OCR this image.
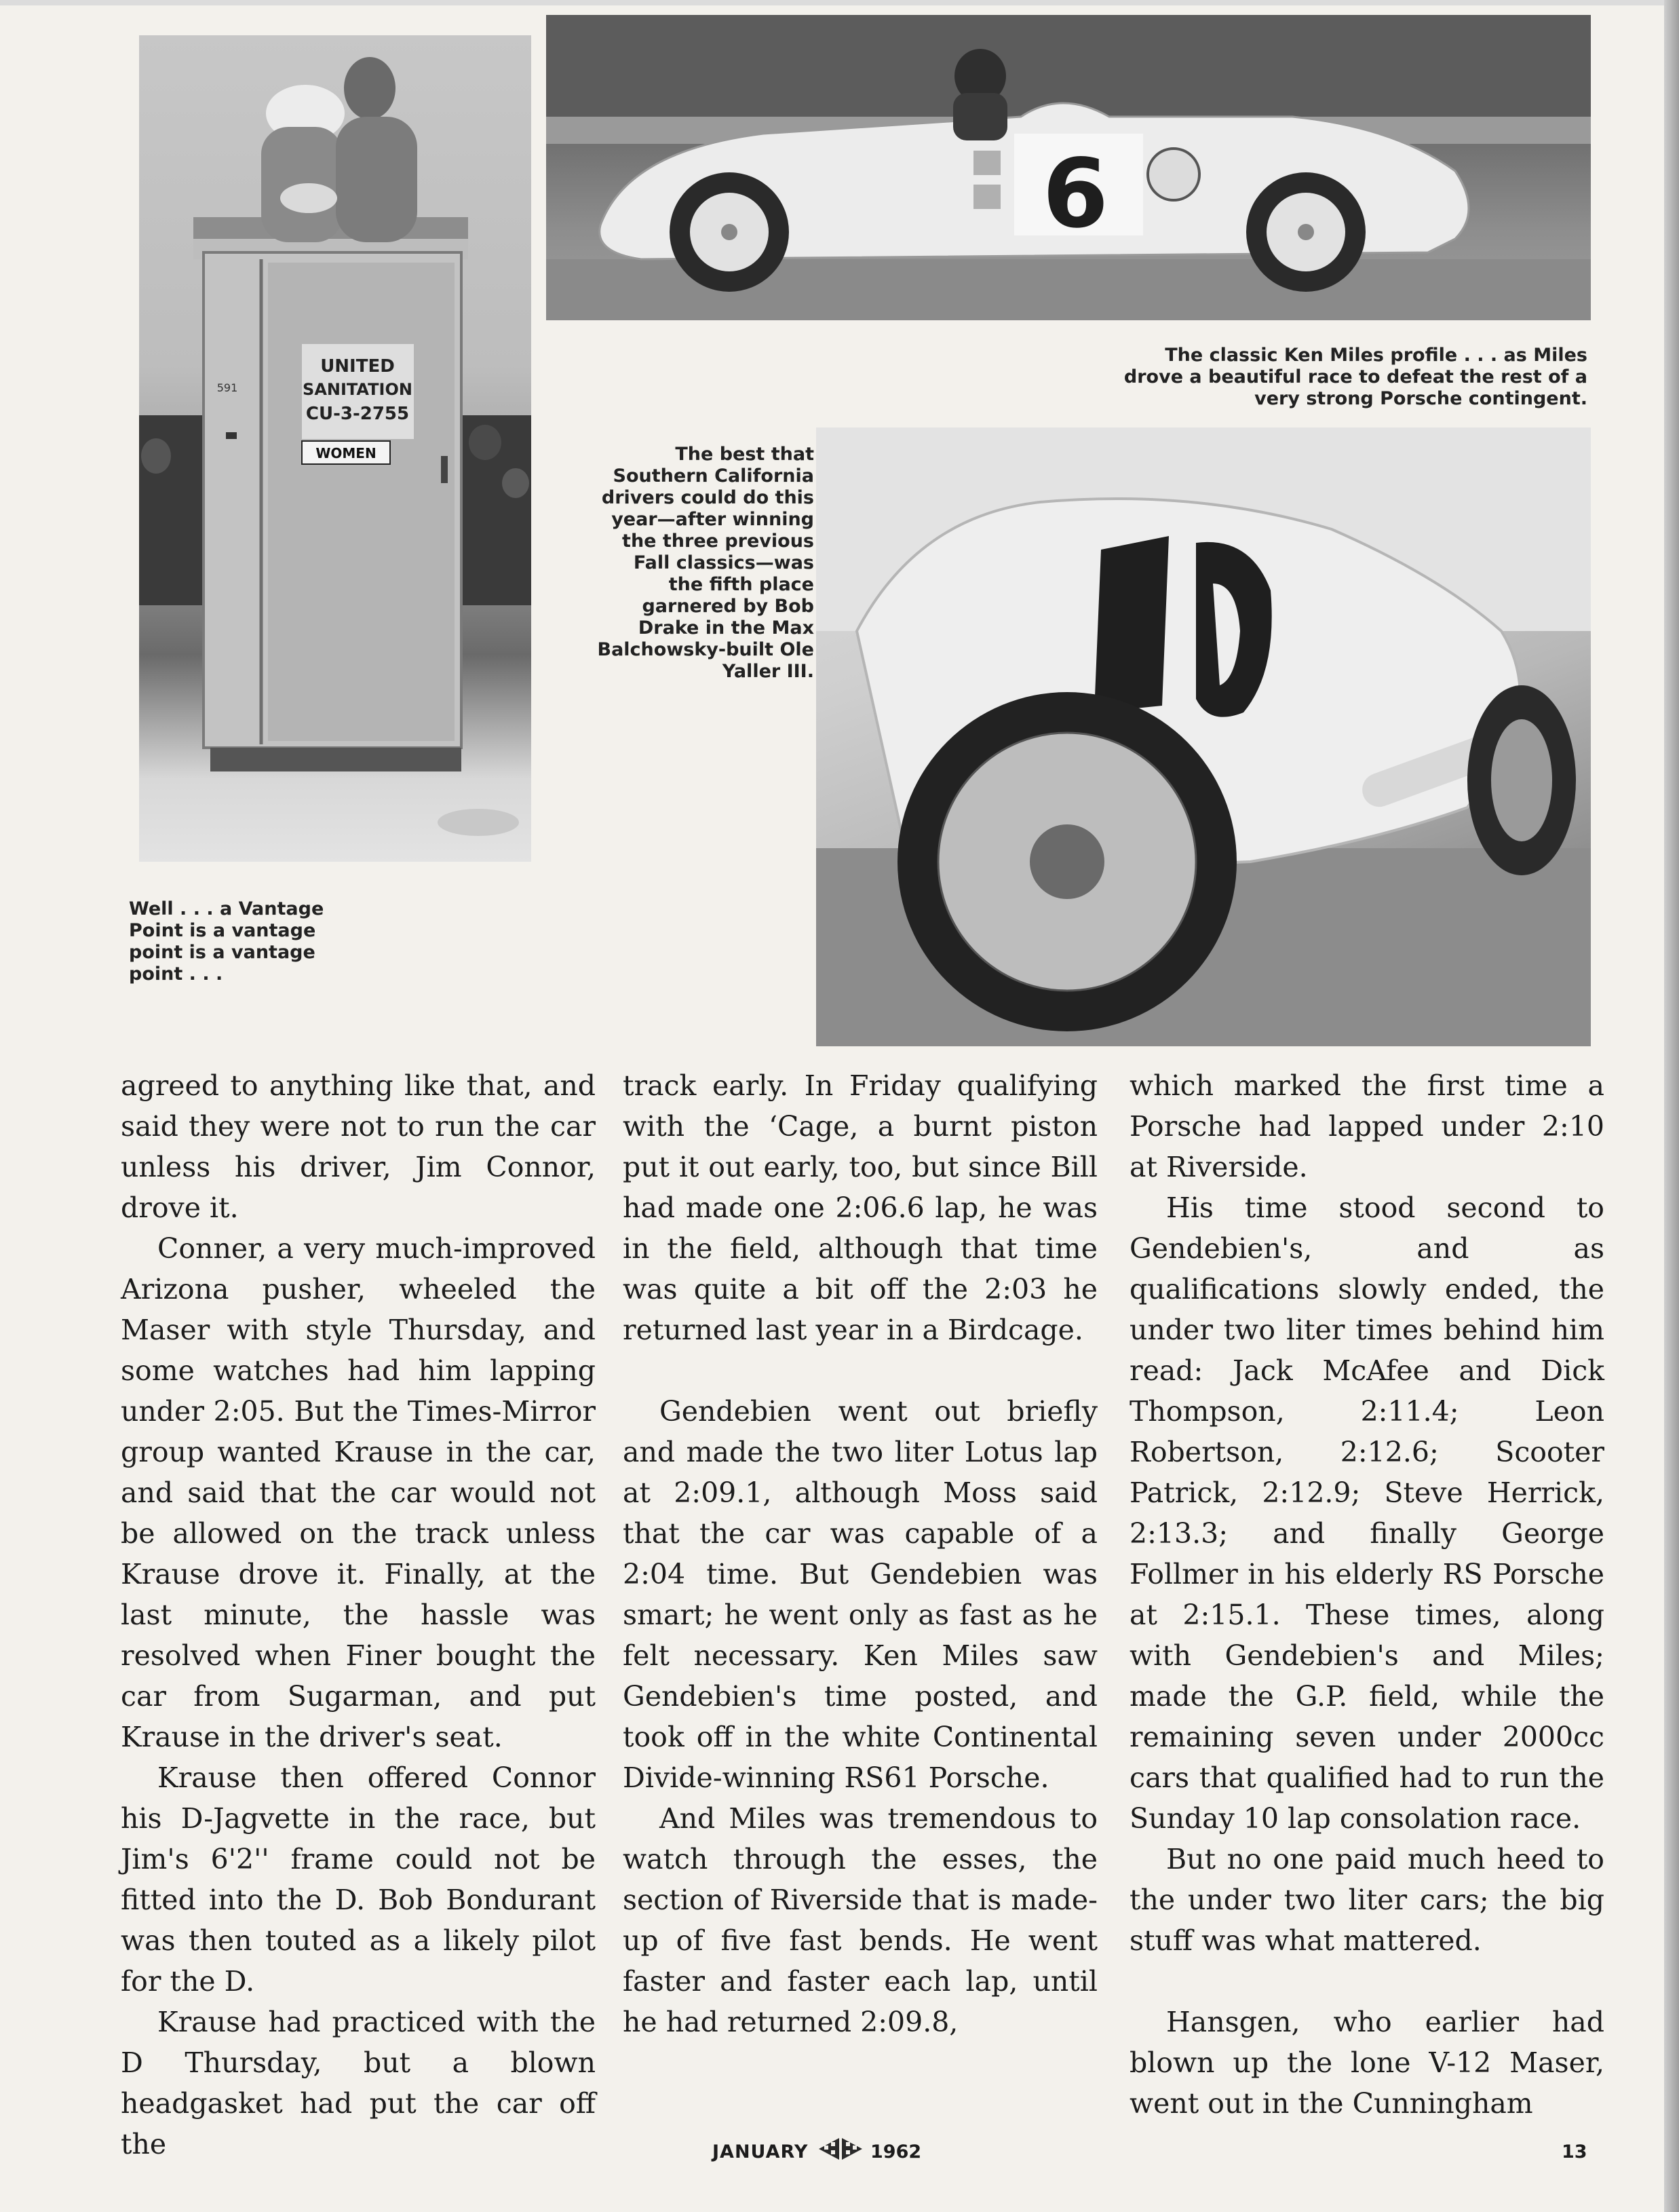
UNITED
SANITATION
CU-3-2755
WOMEN
591
9

The classic Ken Miles profile . . . as Miles drove a beautiful race to defeat the rest of a very strong Porsche contingent.

The best that Southern California drivers could do this year—after winning the three previous Fall classics—was the fifth place garnered by Bob Drake in the Max Balchowsky-built Ole Yaller III.

70

Well . . . a Vantage Point is a vantage point is a vantage point . . .

agreed to anything like that, and said they were not to run the car unless his driver, Jim Connor, drove it.

Conner, a very much-improved Arizona pusher, wheeled the Maser with style Thursday, and some watches had him lapping under 2:05. But the Times-Mirror group wanted Krause in the car, and said that the car would not be allowed on the track unless Krause drove it. Finally, at the last minute, the hassle was resolved when Finer bought the car from Sugarman, and put Krause in the driver's seat.

Krause then offered Connor his D-Jagvette in the race, but Jim's 6'2'' frame could not be fitted into the D. Bob Bondurant was then touted as a likely pilot for the D.

Krause had practiced with the D Thursday, but a blown headgasket had put the car off the

track early. In Friday qualifying with the ‘Cage, a burnt piston put it out early, too, but since Bill had made one 2:06.6 lap, he was in the field, although that time was quite a bit off the 2:03 he returned last year in a Birdcage.

Gendebien went out briefly and made the two liter Lotus lap at 2:09.1, although Moss said that the car was capable of a 2:04 time. But Gendebien was smart; he went only as fast as he felt necessary. Ken Miles saw Gendebien's time posted, and took off in the white Continental Divide-winning RS61 Porsche.

And Miles was tremendous to watch through the esses, the section of Riverside that is made-up of five fast bends. He went faster and faster each lap, until he had returned 2:09.8,

which marked the first time a Porsche had lapped under 2:10 at Riverside.

His time stood second to Gendebien's, and as qualifications slowly ended, the under two liter times behind him read: Jack McAfee and Dick Thompson, 2:11.4; Leon Robertson, 2:12.6; Scooter Patrick, 2:12.9; Steve Herrick, 2:13.3; and finally George Follmer in his elderly RS Porsche at 2:15.1. These times, along with Gendebien's and Miles; made the G.P. field, while the remaining seven under 2000cc cars that qualified had to run the Sunday 10 lap consolation race.

But no one paid much heed to the under two liter cars; the big stuff was what mattered.

Hansgen, who earlier had blown up the lone V-12 Maser, went out in the Cunningham

JANUARY	1962	13
